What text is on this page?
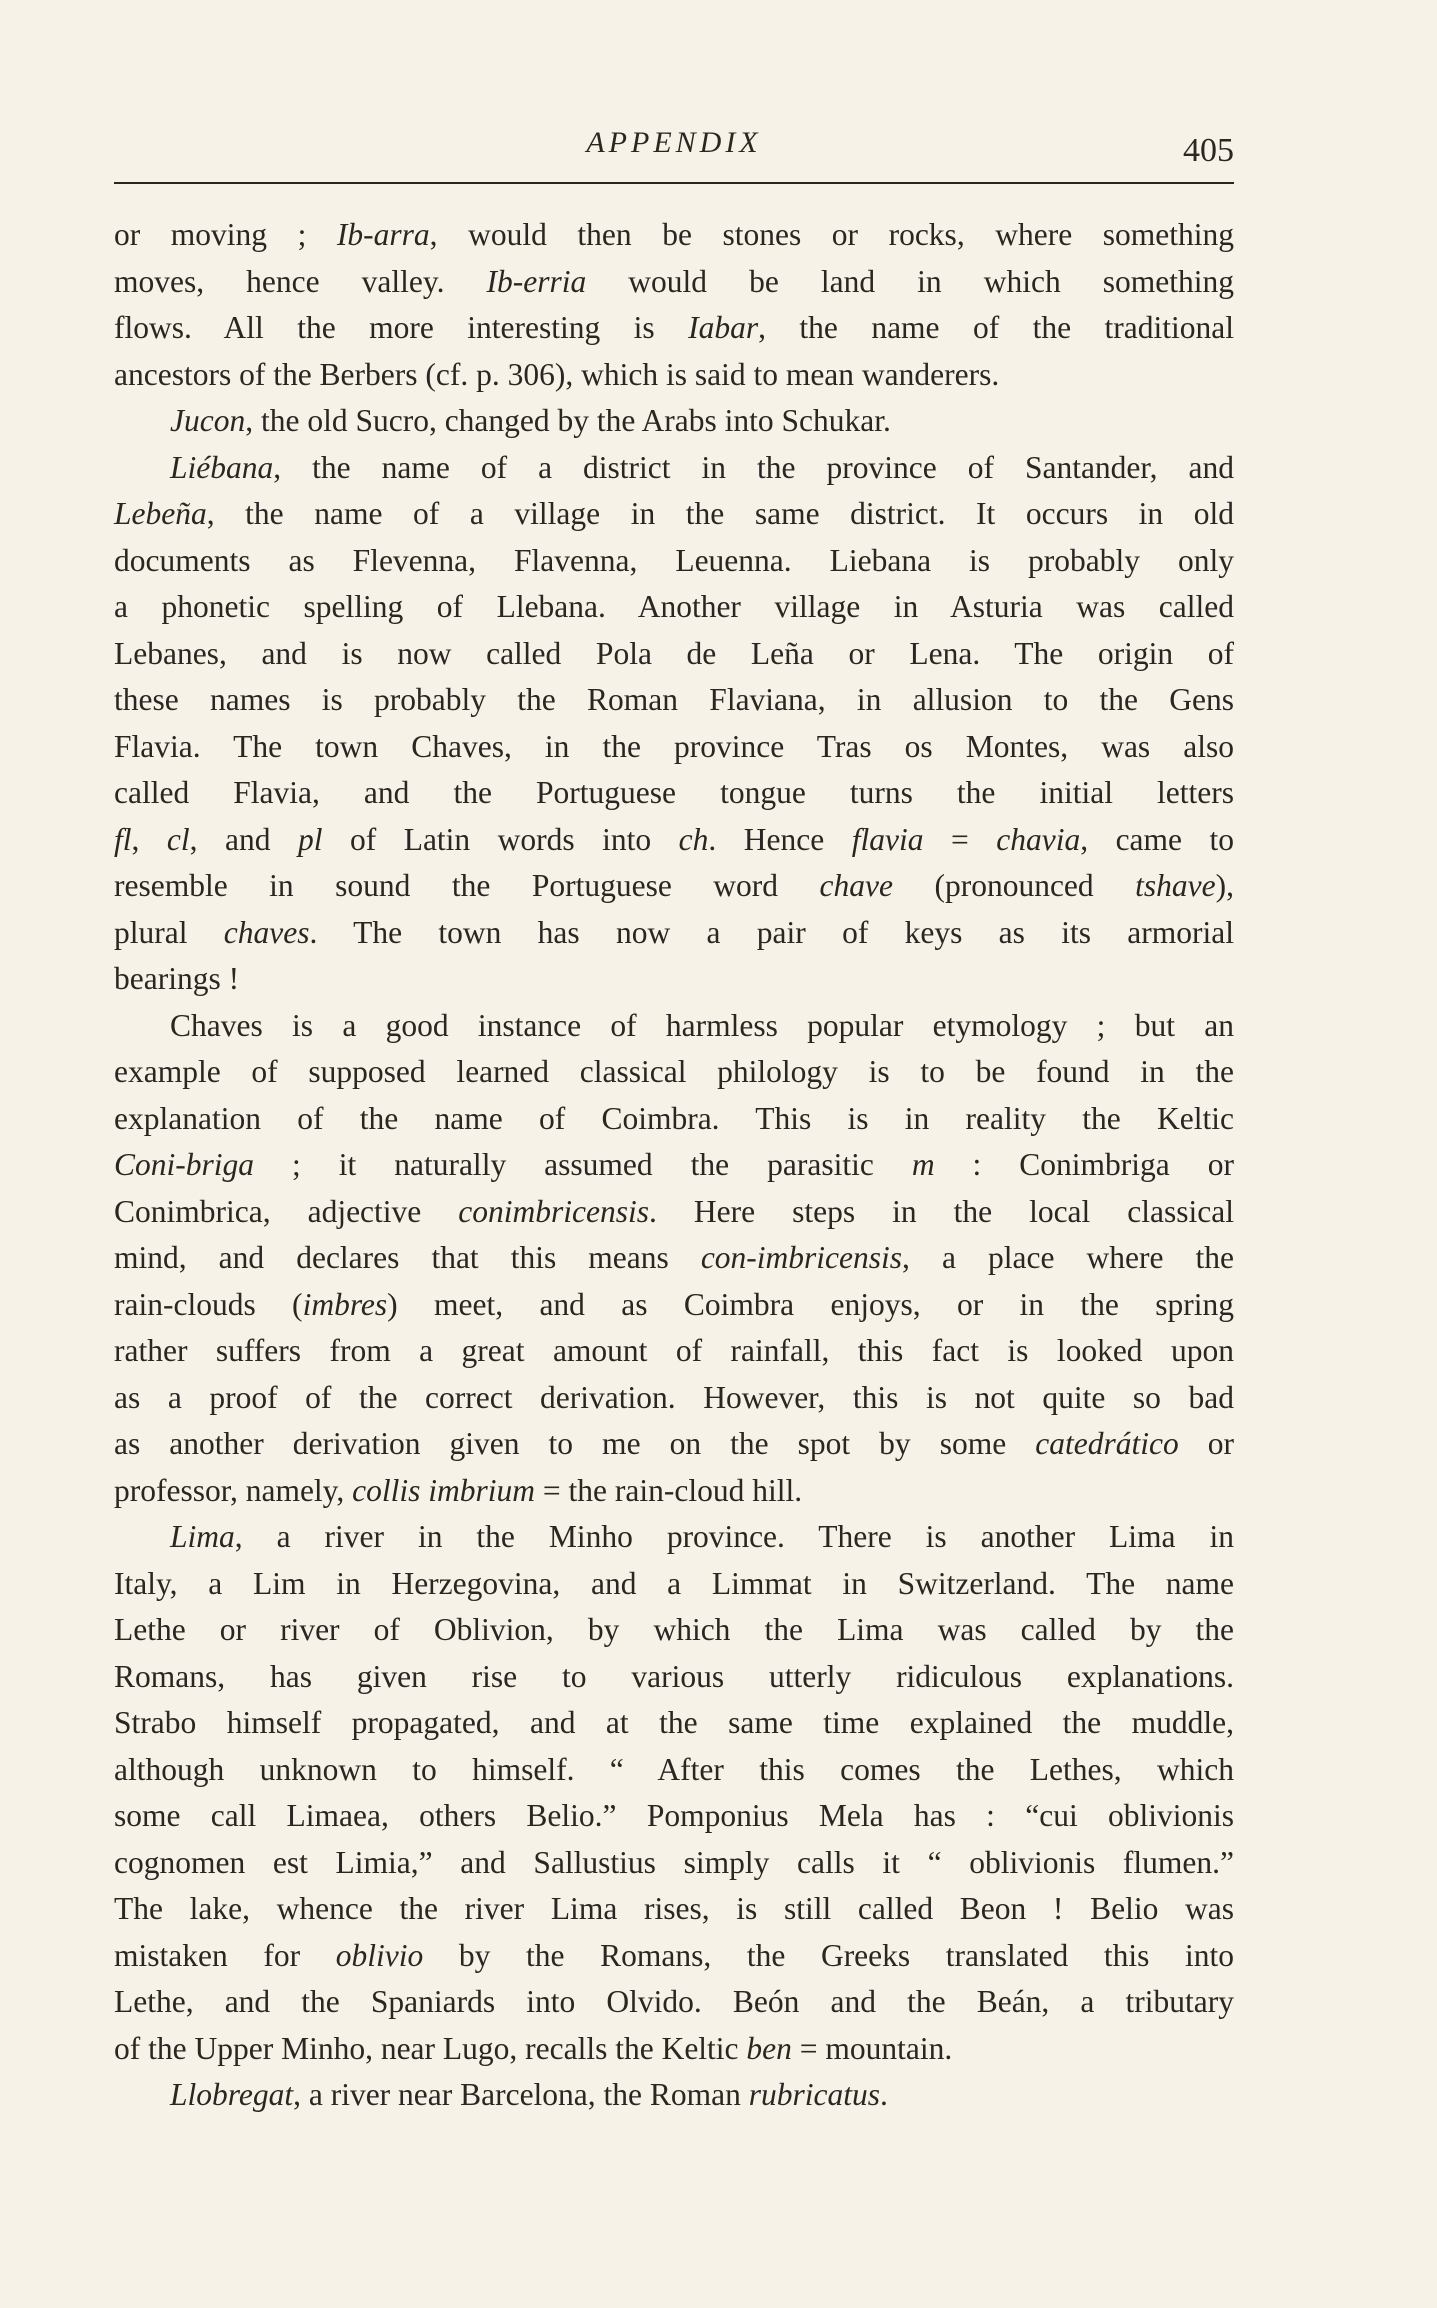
APPENDIX	405
or moving ; Ib-arra, would then be stones or rocks, where something
moves, hence valley. Ib-erria would be land in which something
flows. All the more interesting is Iabar, the name of the traditional
ancestors of the Berbers (cf. p. 306), which is said to mean wanderers.
Jucon, the old Sucro, changed by the Arabs into Schukar.
Liébana, the name of a district in the province of Santander, and
Lebeña, the name of a village in the same district. It occurs in old
documents as Flevenna, Flavenna, Leuenna. Liebana is probably only
a phonetic spelling of Llebana. Another village in Asturia was called
Lebanes, and is now called Pola de Leña or Lena. The origin of
these names is probably the Roman Flaviana, in allusion to the Gens
Flavia. The town Chaves, in the province Tras os Montes, was also
called Flavia, and the Portuguese tongue turns the initial letters
fl, cl, and pl of Latin words into ch. Hence flavia = chavia, came to
resemble in sound the Portuguese word chave (pronounced tshave),
plural chaves. The town has now a pair of keys as its armorial
bearings !
Chaves is a good instance of harmless popular etymology ; but an
example of supposed learned classical philology is to be found in the
explanation of the name of Coimbra. This is in reality the Keltic
Coni-briga ; it naturally assumed the parasitic m : Conimbriga or
Conimbrica, adjective conimbricensis. Here steps in the local classical
mind, and declares that this means con-imbricensis, a place where the
rain-clouds (imbres) meet, and as Coimbra enjoys, or in the spring
rather suffers from a great amount of rainfall, this fact is looked upon
as a proof of the correct derivation. However, this is not quite so bad
as another derivation given to me on the spot by some catedrático or
professor, namely, collis imbrium = the rain-cloud hill.
Lima, a river in the Minho province. There is another Lima in
Italy, a Lim in Herzegovina, and a Limmat in Switzerland. The name
Lethe or river of Oblivion, by which the Lima was called by the
Romans, has given rise to various utterly ridiculous explanations.
Strabo himself propagated, and at the same time explained the muddle,
although unknown to himself. “ After this comes the Lethes, which
some call Limaea, others Belio.” Pomponius Mela has : “cui oblivionis
cognomen est Limia,” and Sallustius simply calls it “ oblivionis flumen.”
The lake, whence the river Lima rises, is still called Beon ! Belio was
mistaken for oblivio by the Romans, the Greeks translated this into
Lethe, and the Spaniards into Olvido. Beón and the Beán, a tributary
of the Upper Minho, near Lugo, recalls the Keltic ben = mountain.
Llobregat, a river near Barcelona, the Roman rubricatus.
